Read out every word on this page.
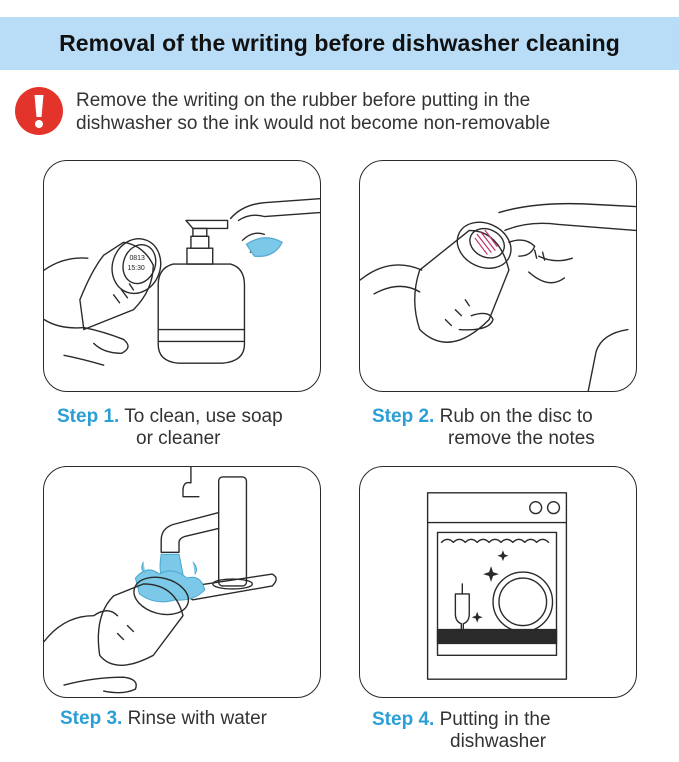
Removal of the writing before dishwasher cleaning
Remove the writing on the rubber before putting in the
dishwasher so the ink would not become non-removable
0813
15:30
Step 1. To clean, use soap
or cleaner
Step 2. Rub on the disc to
remove the notes
Step 3. Rinse with water	Step 4. Putting in the
dishwasher
